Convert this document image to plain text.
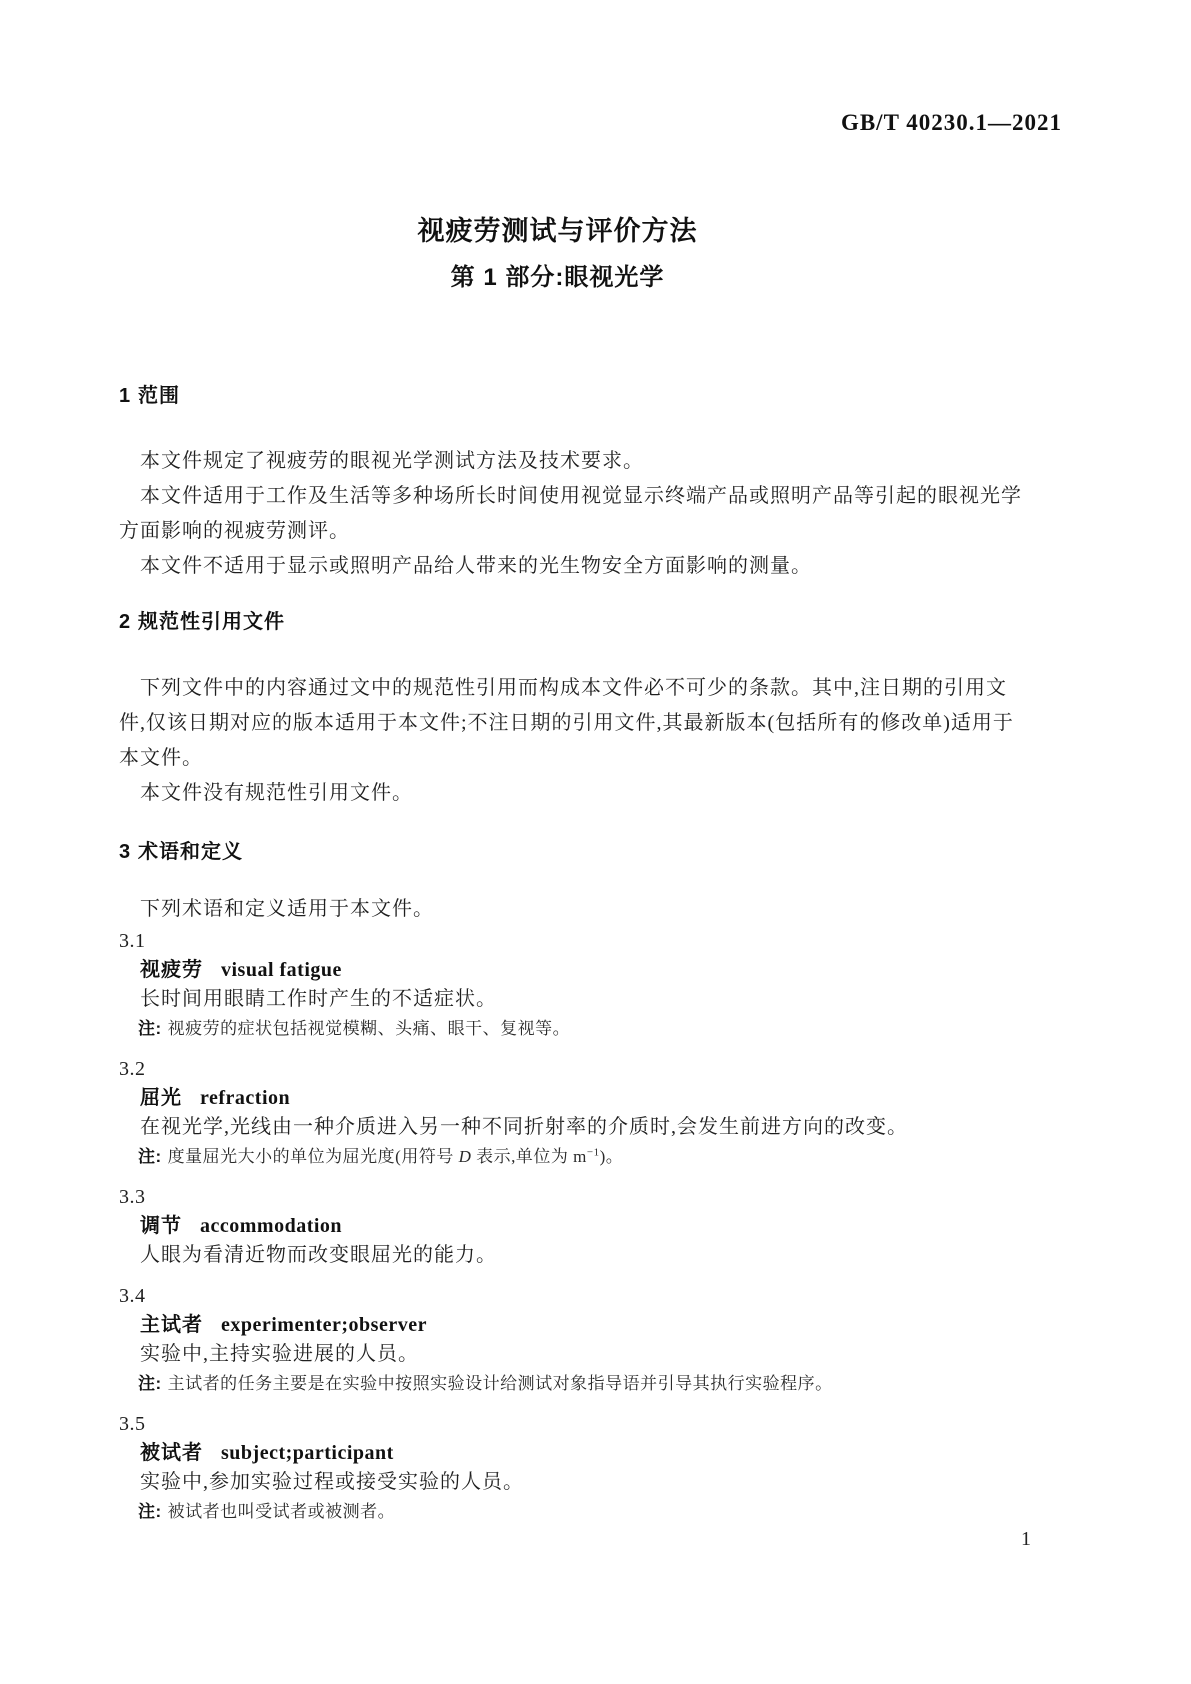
GB/T 40230.1—2021
视疲劳测试与评价方法
第 1 部分:眼视光学
1 范围
本文件规定了视疲劳的眼视光学测试方法及技术要求。
本文件适用于工作及生活等多种场所长时间使用视觉显示终端产品或照明产品等引起的眼视光学
方面影响的视疲劳测评。
本文件不适用于显示或照明产品给人带来的光生物安全方面影响的测量。
2 规范性引用文件
下列文件中的内容通过文中的规范性引用而构成本文件必不可少的条款。其中,注日期的引用文
件,仅该日期对应的版本适用于本文件;不注日期的引用文件,其最新版本(包括所有的修改单)适用于
本文件。
本文件没有规范性引用文件。
3 术语和定义
下列术语和定义适用于本文件。
3.1
视疲劳 visual fatigue
长时间用眼睛工作时产生的不适症状。
注: 视疲劳的症状包括视觉模糊、头痛、眼干、复视等。
3.2
屈光 refraction
在视光学,光线由一种介质进入另一种不同折射率的介质时,会发生前进方向的改变。
注: 度量屈光大小的单位为屈光度(用符号 D 表示,单位为 $m^{-1}$)。
3.3
调节 accommodation
人眼为看清近物而改变眼屈光的能力。
3.4
主试者 experimenter;observer
实验中,主持实验进展的人员。
注: 主试者的任务主要是在实验中按照实验设计给测试对象指导语并引导其执行实验程序。
3.5
被试者 subject;participant
实验中,参加实验过程或接受实验的人员。
注: 被试者也叫受试者或被测者。
1
